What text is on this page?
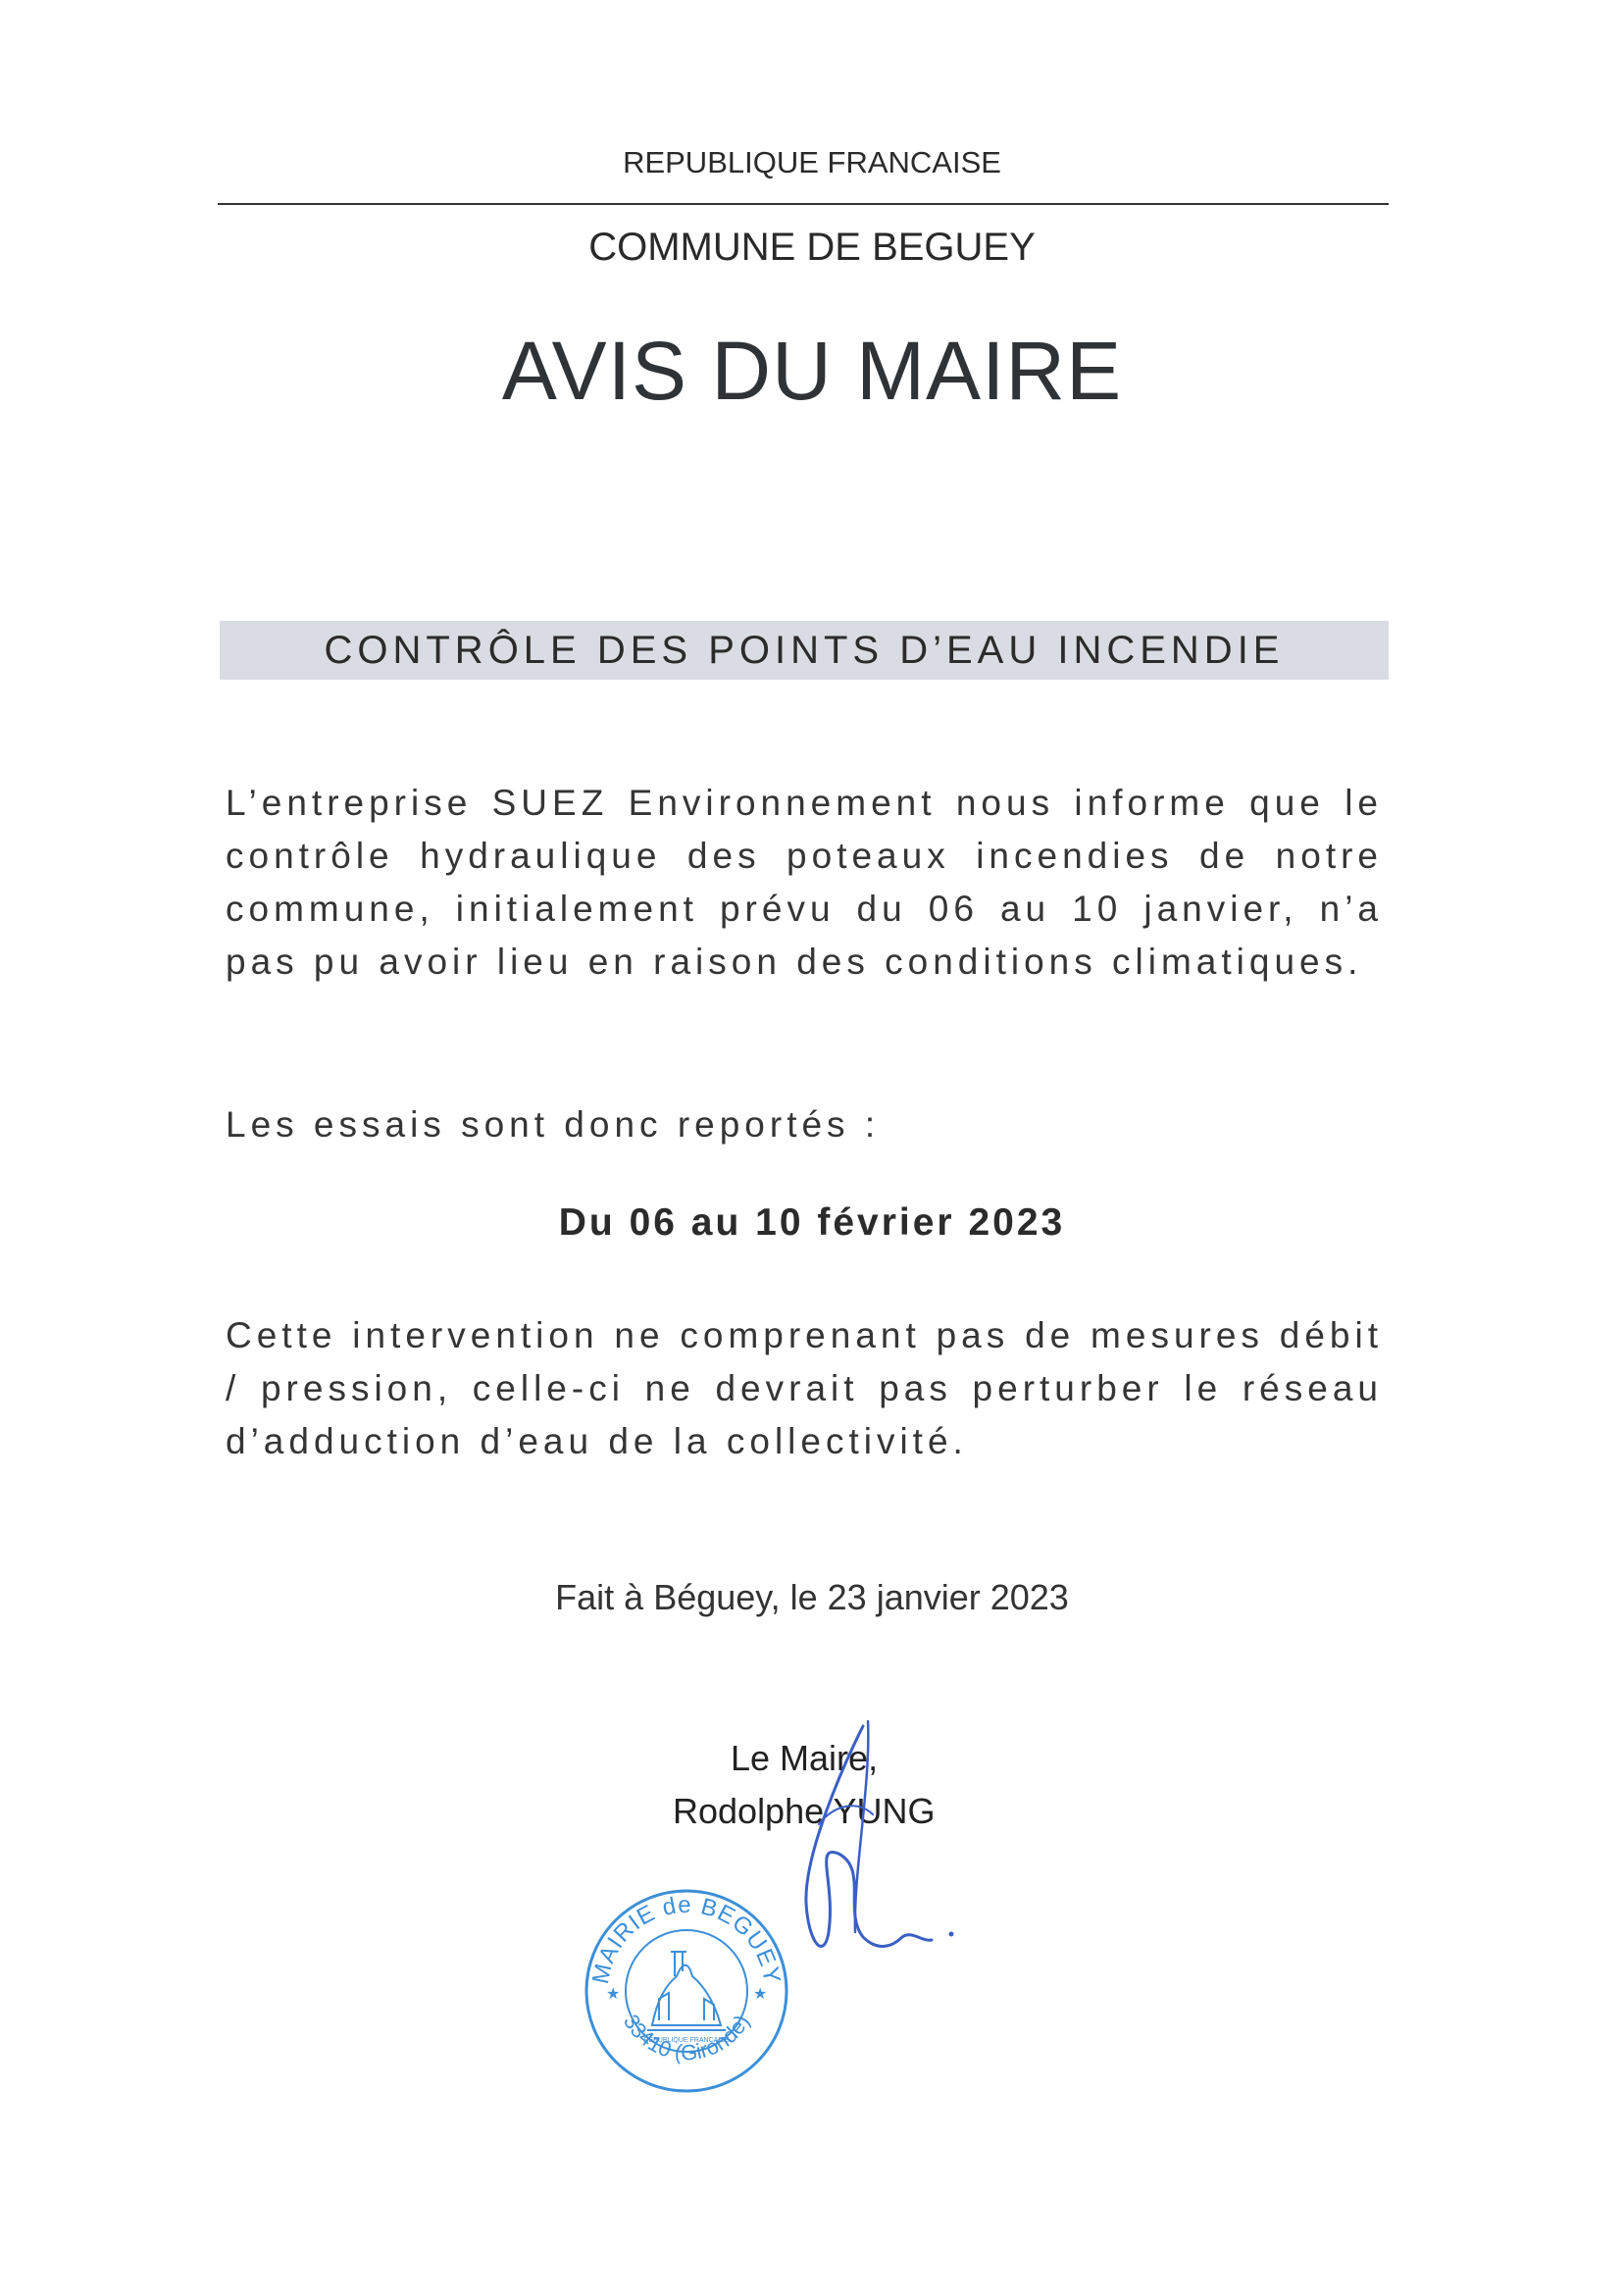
REPUBLIQUE FRANCAISE
COMMUNE DE BEGUEY
AVIS DU MAIRE
CONTRÔLE DES POINTS D’EAU INCENDIE
L’entreprise SUEZ Environnement nous informe que le contrôle hydraulique des poteaux incendies de notre commune, initialement prévu du 06 au 10 janvier, n’a pas pu avoir lieu en raison des conditions climatiques.
Les essais sont donc reportés :
Du 06 au 10 février 2023
Cette intervention ne comprenant pas de mesures débit / pression, celle-ci ne devrait pas perturber le réseau d’adduction d’eau de la collectivité.
Fait à Béguey, le 23 janvier 2023
Le Maire,
Rodolphe YUNG
MAIRIE de BEGUEY
33410 (Gironde)
★	★
RÉPUBLIQUE FRANÇAISE
